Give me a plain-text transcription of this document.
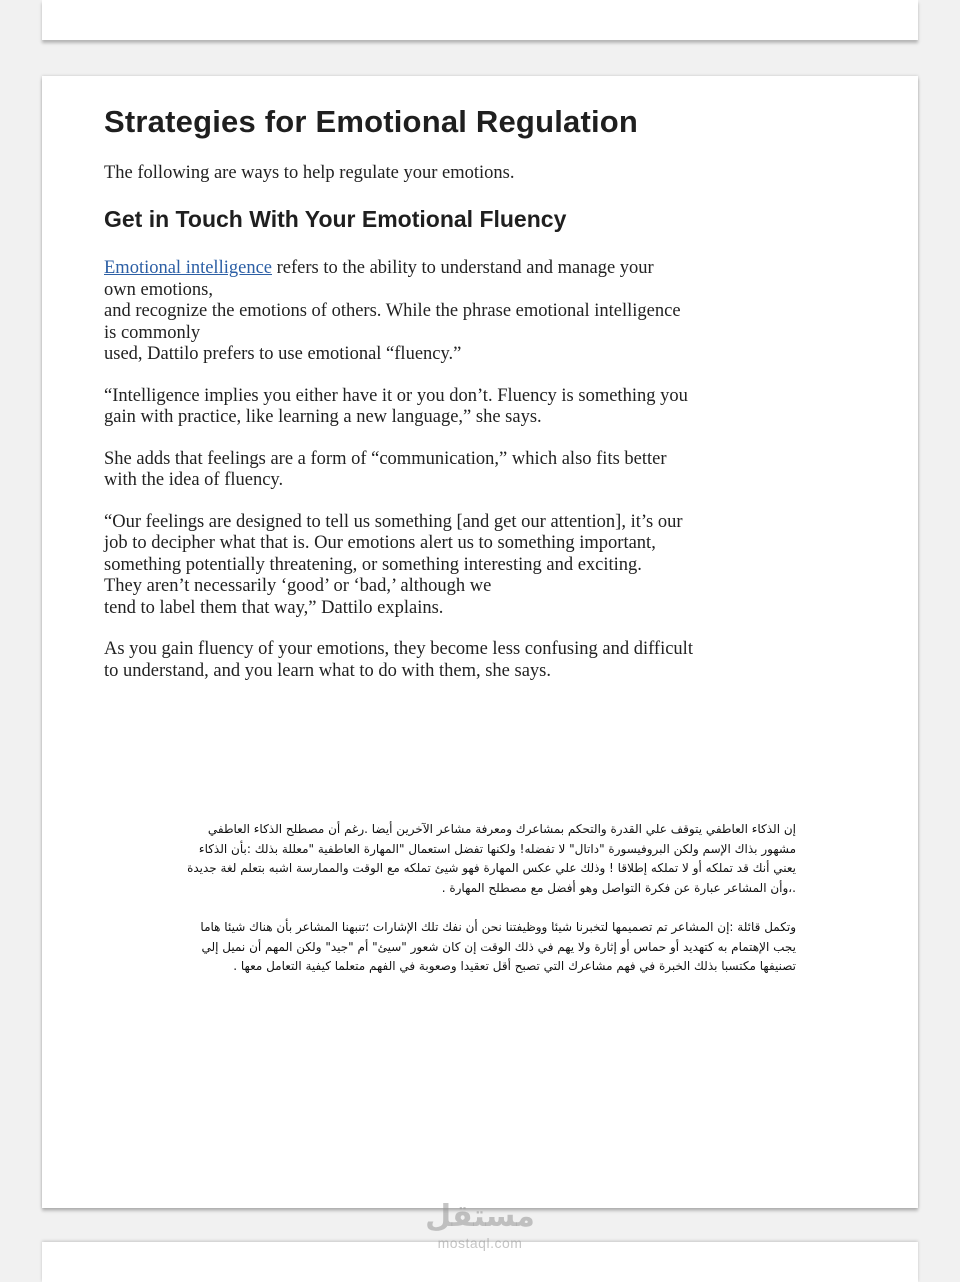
Strategies for Emotional Regulation

The following are ways to help regulate your emotions.

Get in Touch With Your Emotional Fluency

Emotional intelligence refers to the ability to understand and manage your
own emotions,
and recognize the emotions of others. While the phrase emotional intelligence
is commonly
used, Dattilo prefers to use emotional “fluency.”

“Intelligence implies you either have it or you don’t. Fluency is something you
gain with practice, like learning a new language,” she says.

She adds that feelings are a form of “communication,” which also fits better
with the idea of fluency.

“Our feelings are designed to tell us something [and get our attention], it’s our
job to decipher what that is. Our emotions alert us to something important,
something potentially threatening, or something interesting and exciting.
They aren’t necessarily ‘good’ or ‘bad,’ although we
tend to label them that way,” Dattilo explains.

As you gain fluency of your emotions, they become less confusing and difficult
to understand, and you learn what to do with them, she says.

إن الذكاء العاطفي يتوقف علي القدرة والتحكم بمشاعرك ومعرفة مشاعر الآخرين أيضا .رغم أن مصطلح الذكاء العاطفي
مشهور بذاك الإسم ولكن البروفيسورة "داتال" لا تفضله! ولكنها تفضل استعمال "المهارة العاطفية "معللة بذلك :بأن الذكاء
يعني أنك قد تملكه أو لا تملكه إطلاقا ! وذلك علي عكس المهارة فهو شيئ تملكه مع الوقت والممارسة اشبه بتعلم لغة جديدة
.،وأن المشاعر عبارة عن فكرة التواصل وهو أفضل مع مصطلح المهارة .

وتكمل قائلة :إن المشاعر تم تصميمها لتخبرنا شيئا ووظيفتنا نحن أن نفك تلك الإشارات ؛تنبهنا المشاعر بأن هناك شيئا هاما
يجب الإهتمام به كتهديد أو حماس أو إثارة ولا يهم في ذلك الوقت إن كان شعور "سيئ" أم "جيد" ولكن المهم أن نميل إلي
تصنيفها مكتسبا بذلك الخبرة في فهم مشاعرك التي تصبح أقل تعقيدا وصعوبة في الفهم متعلما كيفية التعامل معها .

مستقل
mostaql.com
